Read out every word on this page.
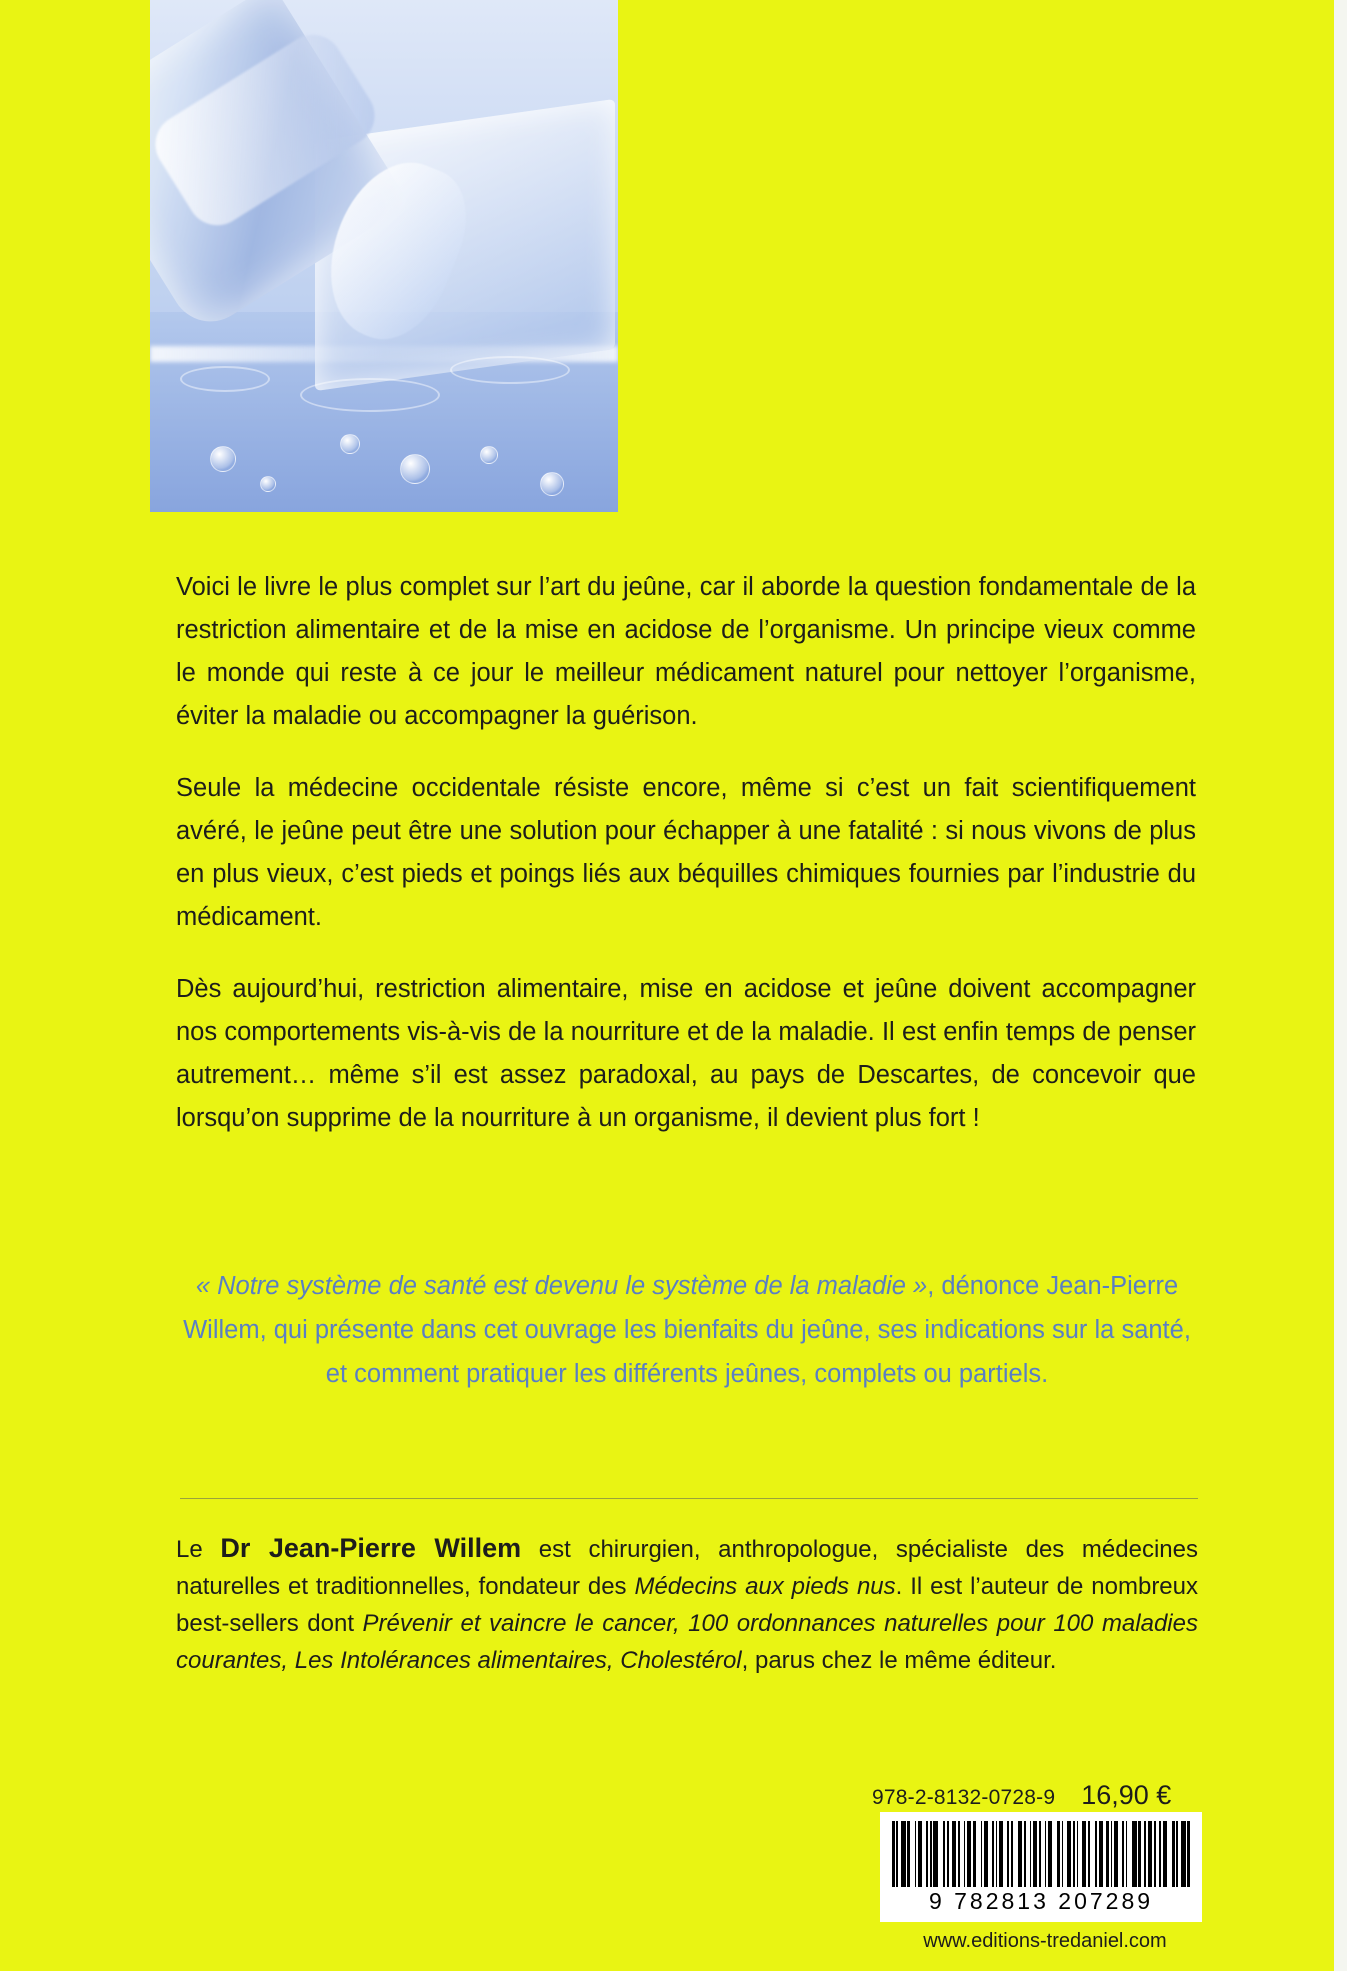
Voici le livre le plus complet sur l’art du jeûne, car il aborde la question fondamentale de la restriction alimentaire et de la mise en acidose de l’organisme. Un principe vieux comme le monde qui reste à ce jour le meilleur médicament naturel pour nettoyer l’organisme, éviter la maladie ou accompagner la guérison.

Seule la médecine occidentale résiste encore, même si c’est un fait scientifiquement avéré, le jeûne peut être une solution pour échapper à une fatalité : si nous vivons de plus en plus vieux, c’est pieds et poings liés aux béquilles chimiques fournies par l’industrie du médicament.

Dès aujourd’hui, restriction alimentaire, mise en acidose et jeûne doivent accompagner nos comportements vis-à-vis de la nourriture et de la maladie. Il est enfin temps de penser autrement… même s’il est assez paradoxal, au pays de Descartes, de concevoir que lorsqu’on supprime de la nourriture à un organisme, il devient plus fort !

« Notre système de santé est devenu le système de la maladie », dénonce Jean-Pierre Willem, qui présente dans cet ouvrage les bienfaits du jeûne, ses indications sur la santé, et comment pratiquer les différents jeûnes, complets ou partiels.
Le Dr Jean-Pierre Willem est chirurgien, anthropologue, spécialiste des médecines naturelles et traditionnelles, fondateur des Médecins aux pieds nus. Il est l’auteur de nombreux best-sellers dont Prévenir et vaincre le cancer, 100 ordonnances naturelles pour 100 maladies courantes, Les Intolérances alimentaires, Cholestérol, parus chez le même éditeur.
978-2-8132-0728-9 16,90 €
9 782813 207289
www.editions-tredaniel.com
